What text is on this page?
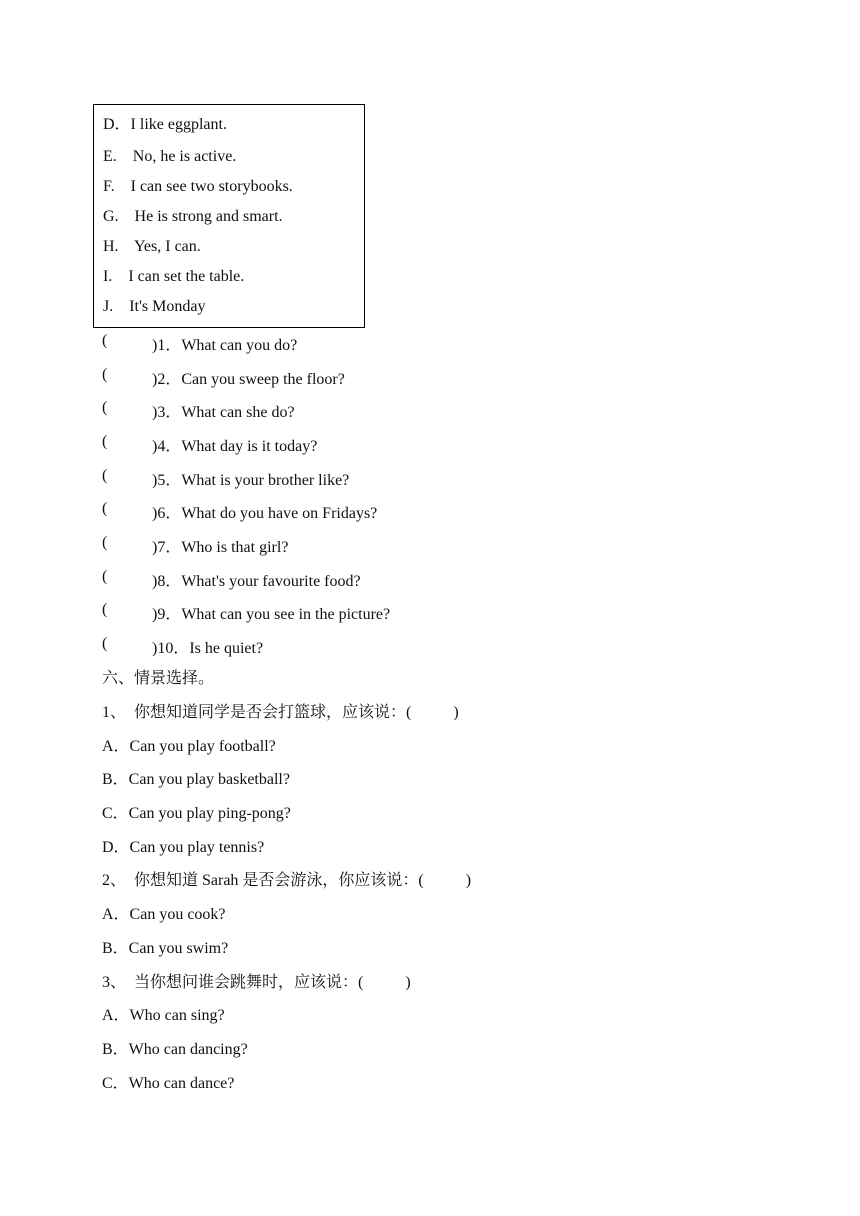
D．I like eggplant.
E.    No, he is active.
F.    I can see two storybooks.
G.    He is strong and smart.
H.    Yes, I can.
I.    I can set the table.
J.    It's Monday
(	)1．What can you do?
(	)2．Can you sweep the floor?
(	)3．What can she do?
(	)4．What day is it today?
(	)5．What is your brother like?
(	)6．What do you have on Fridays?
(	)7．Who is that girl?
(	)8．What's your favourite food?
(	)9．What can you see in the picture?
(	)10．Is he quiet?
六、情景选择。
1、  你想知道同学是否会打篮球，应该说：(	)
A．Can you play football?
B．Can you play basketball?
C．Can you play ping-pong?
D．Can you play tennis?
2、  你想知道 Sarah 是否会游泳，你应该说：(	)
A．Can you cook?
B．Can you swim?
3、  当你想问谁会跳舞时，应该说：(	)
A．Who can sing?
B．Who can dancing?
C．Who can dance?
